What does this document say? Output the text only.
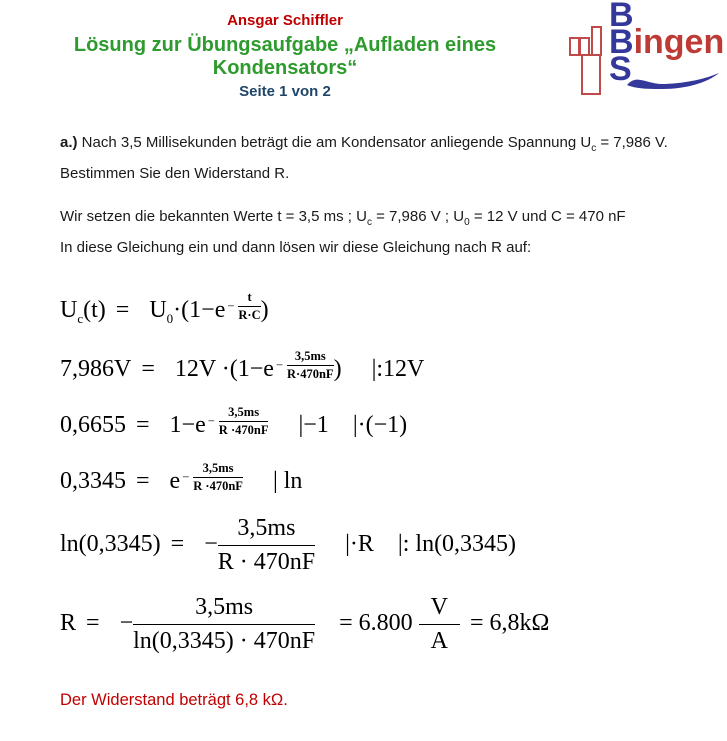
Ansgar Schiffler
Lösung zur Übungsaufgabe „Aufladen eines Kondensators“
Seite 1 von 2
B
Bingen
S
a.) Nach 3,5 Millisekunden beträgt die am Kondensator anliegende Spannung $U_c = 7,986$ V.
Bestimmen Sie den Widerstand R.
Wir setzen die bekannten Werte t = 3,5 ms ; $U_c = 7,986$ V ; $U_0 = 12$ V und C = 470 nF
In diese Gleichung ein und dann lösen wir diese Gleichung nach R auf:
$U_c(t) = U_0\cdot(1-e - \frac{t}{R\cdot C}$ )
$7,986V = 12V \cdot(1-e - \frac{3,5ms}{R\cdot 470nF}$ ) |:12V
$0,6655 = 1-e - \frac{3,5ms}{R \cdot 470nF} |-1$ |·(−1)
$0,3345 = e - \frac{3,5ms}{R \cdot 470nF}$ | ln
ln(0,3345) = − $\frac{3,5ms}{R \cdot 470nF} |\cdot R$ |: ln(0,3345)
R = − $\frac{3,5ms}{\ln(0,3345) \cdot 470nF} = 6.800 \frac{V}{A} = 6,8k\Omega$
Der Widerstand beträgt 6,8 kΩ.
